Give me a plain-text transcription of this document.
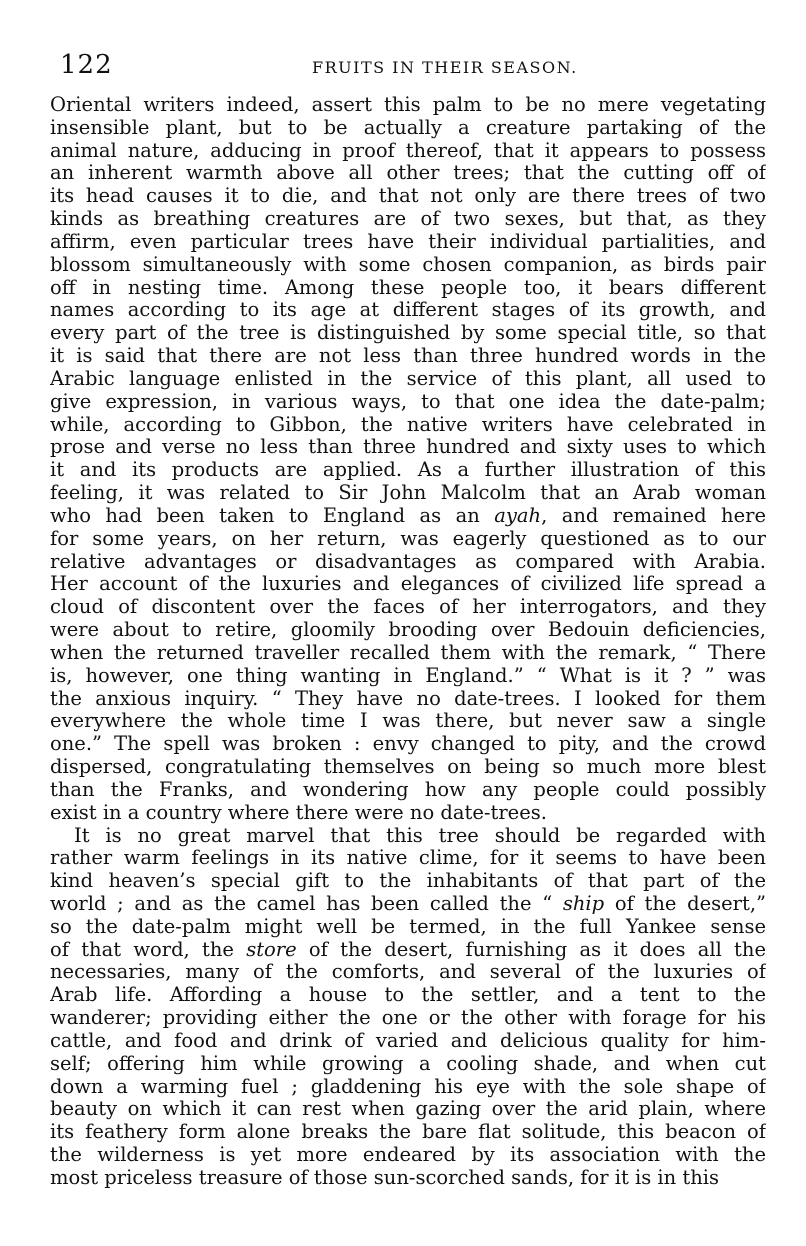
122	FRUITS IN THEIR SEASON.
Oriental writers indeed, assert this palm to be no mere vegetating
insensible plant, but to be actually a creature partaking of the
animal nature, adducing in proof thereof, that it appears to possess
an inherent warmth above all other trees; that the cutting off of
its head causes it to die, and that not only are there trees of two
kinds as breathing creatures are of two sexes, but that, as they
affirm, even particular trees have their individual partialities, and
blossom simultaneously with some chosen companion, as birds pair
off in nesting time. Among these people too, it bears different
names according to its age at different stages of its growth, and
every part of the tree is distinguished by some special title, so that
it is said that there are not less than three hundred words in the
Arabic language enlisted in the service of this plant, all used to
give expression, in various ways, to that one idea the date-palm;
while, according to Gibbon, the native writers have celebrated in
prose and verse no less than three hundred and sixty uses to which
it and its products are applied. As a further illustration of this
feeling, it was related to Sir John Malcolm that an Arab woman
who had been taken to England as an ayah, and remained here
for some years, on her return, was eagerly questioned as to our
relative advantages or disadvantages as compared with Arabia.
Her account of the luxuries and elegances of civilized life spread a
cloud of discontent over the faces of her interrogators, and they
were about to retire, gloomily brooding over Bedouin deficiencies,
when the returned traveller recalled them with the remark, “ There
is, however, one thing wanting in England.” “ What is it ? ” was
the anxious inquiry. “ They have no date-trees. I looked for them
everywhere the whole time I was there, but never saw a single
one.” The spell was broken : envy changed to pity, and the crowd
dispersed, congratulating themselves on being so much more blest
than the Franks, and wondering how any people could possibly
exist in a country where there were no date-trees.
It is no great marvel that this tree should be regarded with
rather warm feelings in its native clime, for it seems to have been
kind heaven’s special gift to the inhabitants of that part of the
world ; and as the camel has been called the “ ship of the desert,”
so the date-palm might well be termed, in the full Yankee sense
of that word, the store of the desert, furnishing as it does all the
necessaries, many of the comforts, and several of the luxuries of
Arab life. Affording a house to the settler, and a tent to the
wanderer; providing either the one or the other with forage for his
cattle, and food and drink of varied and delicious quality for him-
self; offering him while growing a cooling shade, and when cut
down a warming fuel ; gladdening his eye with the sole shape of
beauty on which it can rest when gazing over the arid plain, where
its feathery form alone breaks the bare flat solitude, this beacon of
the wilderness is yet more endeared by its association with the
most priceless treasure of those sun-scorched sands, for it is in this
